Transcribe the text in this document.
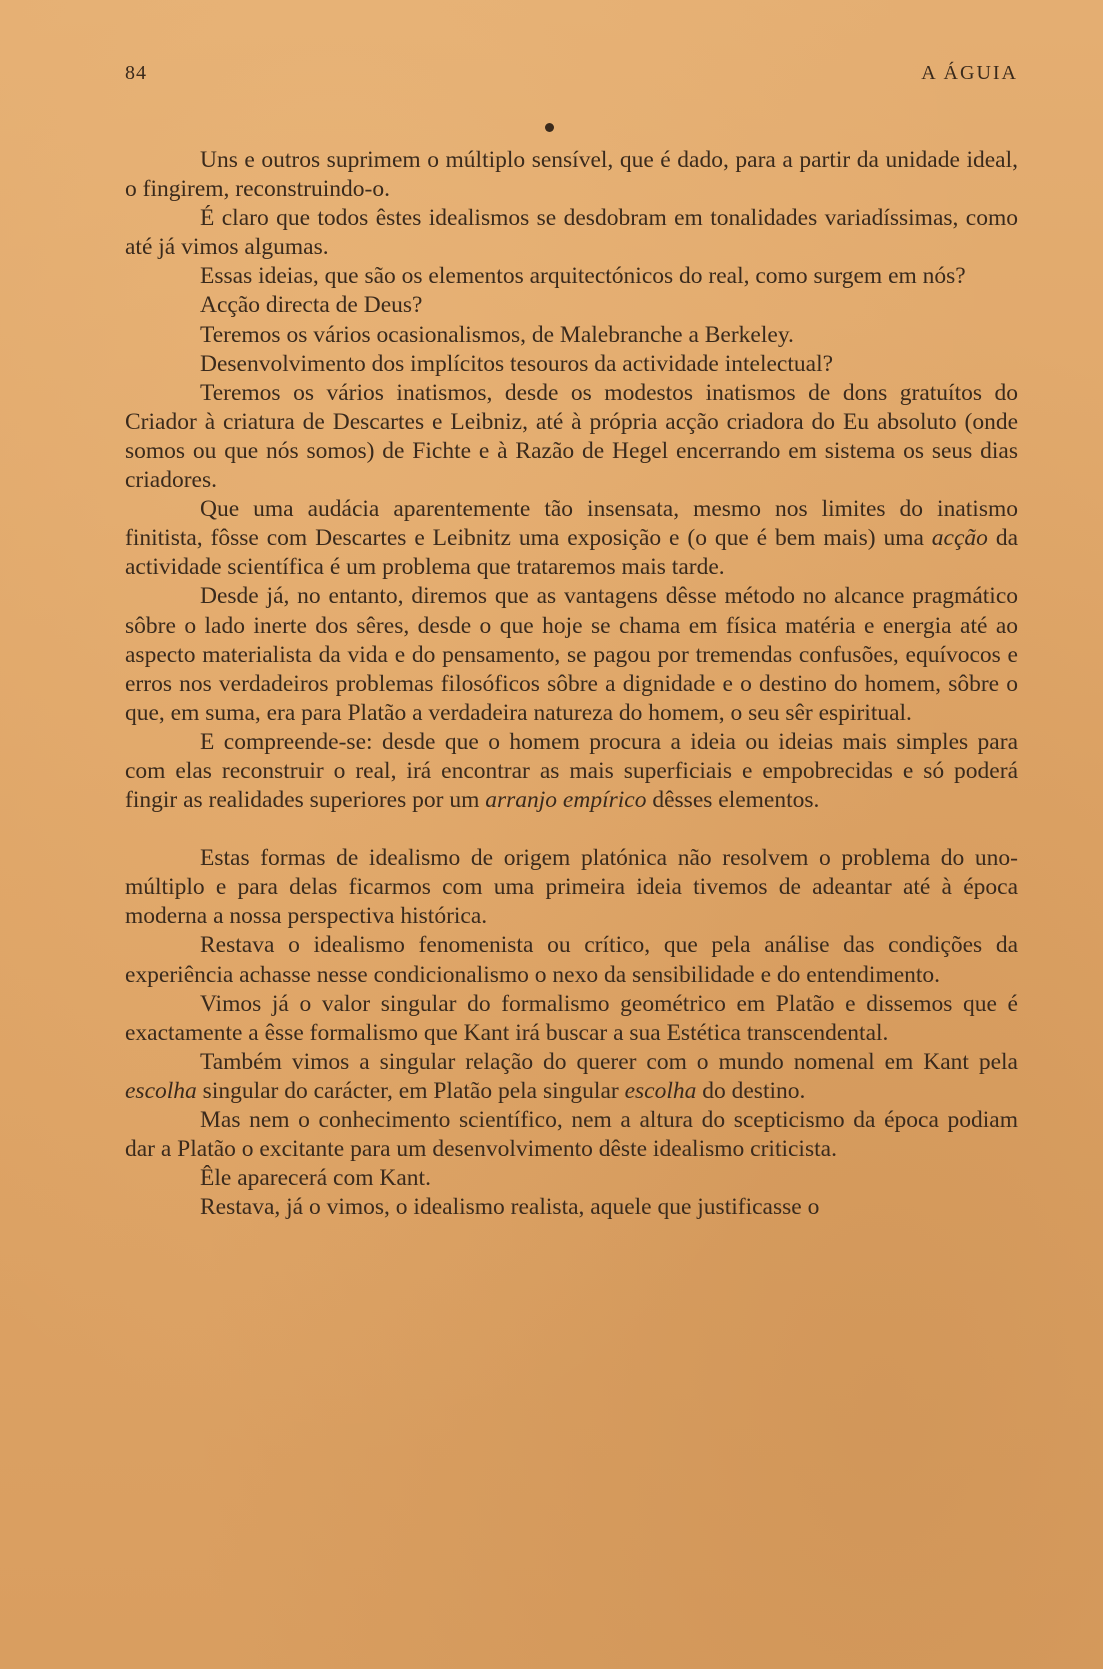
84	A ÁGUIA

Uns e outros suprimem o múltiplo sensível, que é dado, para a partir da unidade ideal, o fingirem, reconstruindo-o.

É claro que todos êstes idealismos se desdobram em tonalidades variadíssimas, como até já vimos algumas.

Essas ideias, que são os elementos arquitectónicos do real, como surgem em nós?

Acção directa de Deus?

Teremos os vários ocasionalismos, de Malebranche a Berkeley.

Desenvolvimento dos implícitos tesouros da actividade intelectual?

Teremos os vários inatismos, desde os modestos inatismos de dons gratuítos do Criador à criatura de Descartes e Leibniz, até à própria acção criadora do Eu absoluto (onde somos ou que nós somos) de Fichte e à Razão de Hegel encerrando em sistema os seus dias criadores.

Que uma audácia aparentemente tão insensata, mesmo nos limites do inatismo finitista, fôsse com Descartes e Leibnitz uma exposição e (o que é bem mais) uma acção da actividade scientífica é um problema que trataremos mais tarde.

Desde já, no entanto, diremos que as vantagens dêsse método no alcance pragmático sôbre o lado inerte dos sêres, desde o que hoje se chama em física matéria e energia até ao aspecto materialista da vida e do pensamento, se pagou por tremendas confusões, equívocos e erros nos verdadeiros problemas filosóficos sôbre a dignidade e o destino do homem, sôbre o que, em suma, era para Platão a verdadeira natureza do homem, o seu sêr espiritual.

E compreende-se: desde que o homem procura a ideia ou ideias mais simples para com elas reconstruir o real, irá encontrar as mais superficiais e empobrecidas e só poderá fingir as realidades superiores por um arranjo empírico dêsses elementos.

Estas formas de idealismo de origem platónica não resolvem o problema do uno-múltiplo e para delas ficarmos com uma primeira ideia tivemos de adeantar até à época moderna a nossa perspectiva histórica.

Restava o idealismo fenomenista ou crítico, que pela análise das condições da experiência achasse nesse condicionalismo o nexo da sensibilidade e do entendimento.

Vimos já o valor singular do formalismo geométrico em Platão e dissemos que é exactamente a êsse formalismo que Kant irá buscar a sua Estética transcendental.

Também vimos a singular relação do querer com o mundo nomenal em Kant pela escolha singular do carácter, em Platão pela singular escolha do destino.

Mas nem o conhecimento scientífico, nem a altura do scepticismo da época podiam dar a Platão o excitante para um desenvolvimento dêste idealismo criticista.

Êle aparecerá com Kant.

Restava, já o vimos, o idealismo realista, aquele que justificasse o
